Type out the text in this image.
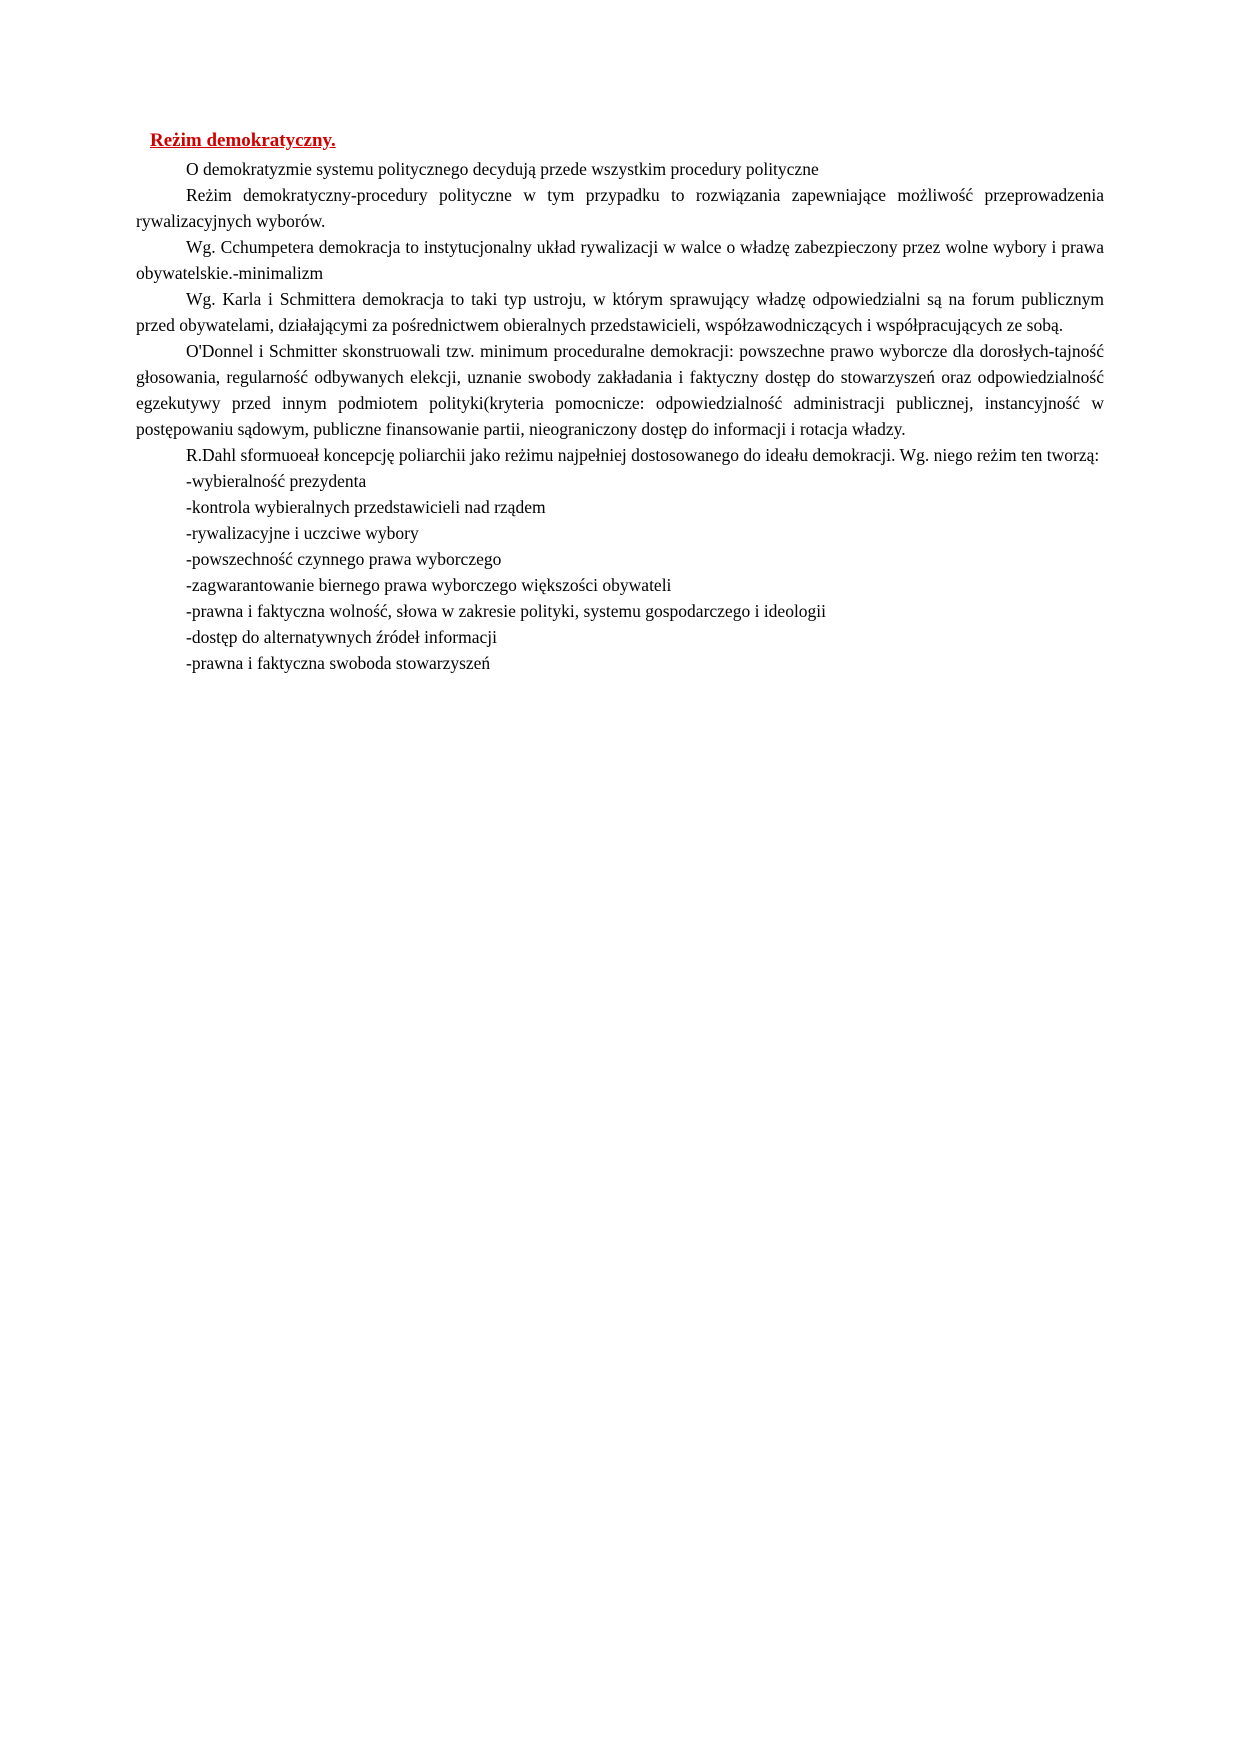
Reżim demokratyczny.

O demokratyzmie systemu politycznego decydują przede wszystkim procedury polityczne

Reżim demokratyczny-procedury polityczne w tym przypadku to rozwiązania zapewniające możliwość przeprowadzenia rywalizacyjnych wyborów.

Wg. Cchumpetera demokracja to instytucjonalny układ rywalizacji w walce o władzę zabezpieczony przez wolne wybory i prawa obywatelskie.-minimalizm

Wg. Karla i Schmittera demokracja to taki typ ustroju, w którym sprawujący władzę odpowiedzialni są na forum publicznym przed obywatelami, działającymi za pośrednictwem obieralnych przedstawicieli, współzawodniczących i współpracujących ze sobą.

O'Donnel i Schmitter skonstruowali tzw. minimum proceduralne demokracji: powszechne prawo wyborcze dla dorosłych-tajność głosowania, regularność odbywanych elekcji, uznanie swobody zakładania i faktyczny dostęp do stowarzyszeń oraz odpowiedzialność egzekutywy przed innym podmiotem polityki(kryteria pomocnicze: odpowiedzialność administracji publicznej, instancyjność w postępowaniu sądowym, publiczne finansowanie partii, nieograniczony dostęp do informacji i rotacja władzy.

R.Dahl sformuoeał koncepcję poliarchii jako reżimu najpełniej dostosowanego do ideału demokracji. Wg. niego reżim ten tworzą:

-wybieralność prezydenta

-kontrola wybieralnych przedstawicieli nad rządem

-rywalizacyjne i uczciwe wybory

-powszechność czynnego prawa wyborczego

-zagwarantowanie biernego prawa wyborczego większości obywateli

-prawna i faktyczna wolność, słowa w zakresie polityki, systemu gospodarczego i ideologii

-dostęp do alternatywnych źródeł informacji

-prawna i faktyczna swoboda stowarzyszeń
